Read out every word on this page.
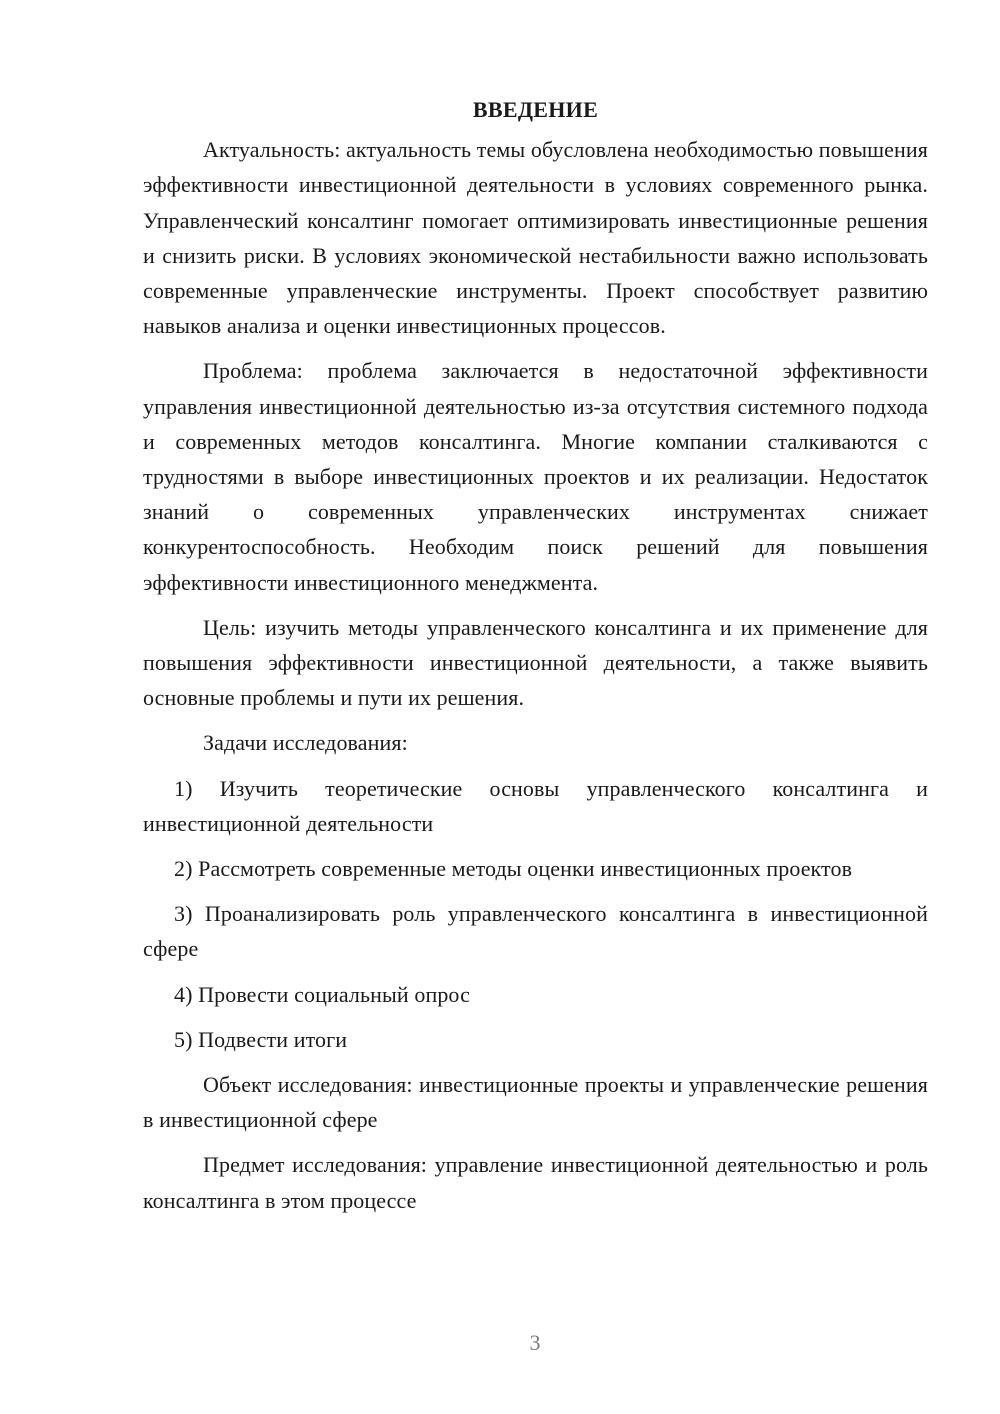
ВВЕДЕНИЕ

Актуальность: актуальность темы обусловлена необходимостью повышения эффективности инвестиционной деятельности в условиях современного рынка. Управленческий консалтинг помогает оптимизировать инвестиционные решения и снизить риски. В условиях экономической нестабильности важно использовать современные управленческие инструменты. Проект способствует развитию навыков анализа и оценки инвестиционных процессов.

Проблема: проблема заключается в недостаточной эффективности управления инвестиционной деятельностью из-за отсутствия системного подхода и современных методов консалтинга. Многие компании сталкиваются с трудностями в выборе инвестиционных проектов и их реализации. Недостаток знаний о современных управленческих инструментах снижает конкурентоспособность. Необходим поиск решений для повышения эффективности инвестиционного менеджмента.

Цель: изучить методы управленческого консалтинга и их применение для повышения эффективности инвестиционной деятельности, а также выявить основные проблемы и пути их решения.

Задачи исследования:

1) Изучить теоретические основы управленческого консалтинга и инвестиционной деятельности

2) Рассмотреть современные методы оценки инвестиционных проектов

3) Проанализировать роль управленческого консалтинга в инвестиционной сфере

4) Провести социальный опрос

5) Подвести итоги

Объект исследования: инвестиционные проекты и управленческие решения в инвестиционной сфере

Предмет исследования: управление инвестиционной деятельностью и роль консалтинга в этом процессе

3
